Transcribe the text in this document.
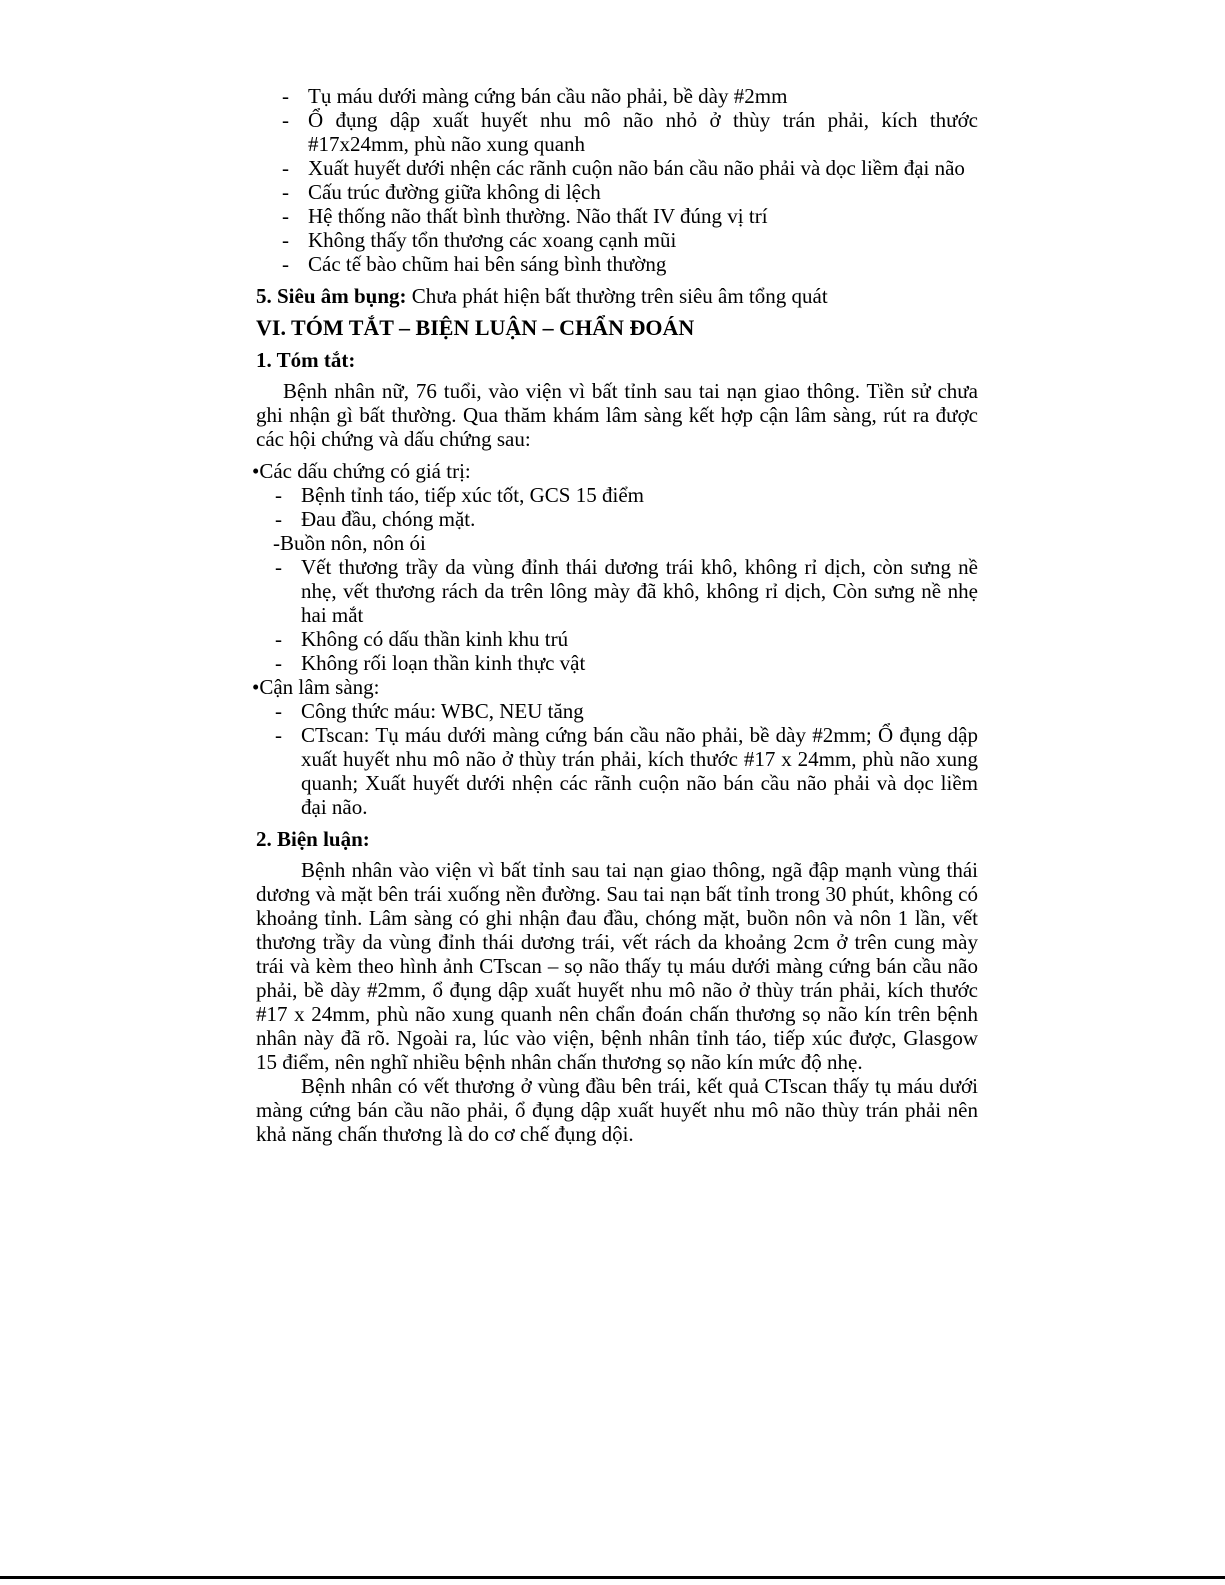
- Tụ máu dưới màng cứng bán cầu não phải, bề dày #2mm
- Ổ đụng dập xuất huyết nhu mô não nhỏ ở thùy trán phải, kích thước #17x24mm, phù não xung quanh
- Xuất huyết dưới nhện các rãnh cuộn não bán cầu não phải và dọc liềm đại não
- Cấu trúc đường giữa không di lệch
- Hệ thống não thất bình thường. Não thất IV đúng vị trí
- Không thấy tổn thương các xoang cạnh mũi
- Các tế bào chũm hai bên sáng bình thường

5. Siêu âm bụng: Chưa phát hiện bất thường trên siêu âm tổng quát

VI. TÓM TẮT – BIỆN LUẬN – CHẨN ĐOÁN
1. Tóm tắt:

Bệnh nhân nữ, 76 tuổi, vào viện vì bất tỉnh sau tai nạn giao thông. Tiền sử chưa ghi nhận gì bất thường. Qua thăm khám lâm sàng kết hợp cận lâm sàng, rút ra được các hội chứng và dấu chứng sau:

•Các dấu chứng có giá trị:

- Bệnh tỉnh táo, tiếp xúc tốt, GCS 15 điểm
- Đau đầu, chóng mặt.

-Buồn nôn, nôn ói

- Vết thương trầy da vùng đỉnh thái dương trái khô, không rỉ dịch, còn sưng nề nhẹ, vết thương rách da trên lông mày đã khô, không rỉ dịch, Còn sưng nề nhẹ hai mắt
- Không có dấu thần kinh khu trú
- Không rối loạn thần kinh thực vật

•Cận lâm sàng:

- Công thức máu: WBC, NEU tăng
- CTscan: Tụ máu dưới màng cứng bán cầu não phải, bề dày #2mm; Ổ đụng dập xuất huyết nhu mô não ở thùy trán phải, kích thước #17 x 24mm, phù não xung quanh; Xuất huyết dưới nhện các rãnh cuộn não bán cầu não phải và dọc liềm đại não.
2. Biện luận:

Bệnh nhân vào viện vì bất tỉnh sau tai nạn giao thông, ngã đập mạnh vùng thái dương và mặt bên trái xuống nền đường. Sau tai nạn bất tỉnh trong 30 phút, không có khoảng tỉnh. Lâm sàng có ghi nhận đau đầu, chóng mặt, buồn nôn và nôn 1 lần, vết thương trầy da vùng đỉnh thái dương trái, vết rách da khoảng 2cm ở trên cung mày trái và kèm theo hình ảnh CTscan – sọ não thấy tụ máu dưới màng cứng bán cầu não phải, bề dày #2mm, ổ đụng dập xuất huyết nhu mô não ở thùy trán phải, kích thước #17 x 24mm, phù não xung quanh nên chẩn đoán chấn thương sọ não kín trên bệnh nhân này đã rõ. Ngoài ra, lúc vào viện, bệnh nhân tỉnh táo, tiếp xúc được, Glasgow 15 điểm, nên nghĩ nhiều bệnh nhân chấn thương sọ não kín mức độ nhẹ.

Bệnh nhân có vết thương ở vùng đầu bên trái, kết quả CTscan thấy tụ máu dưới màng cứng bán cầu não phải, ổ đụng dập xuất huyết nhu mô não thùy trán phải nên khả năng chấn thương là do cơ chế đụng dội.
